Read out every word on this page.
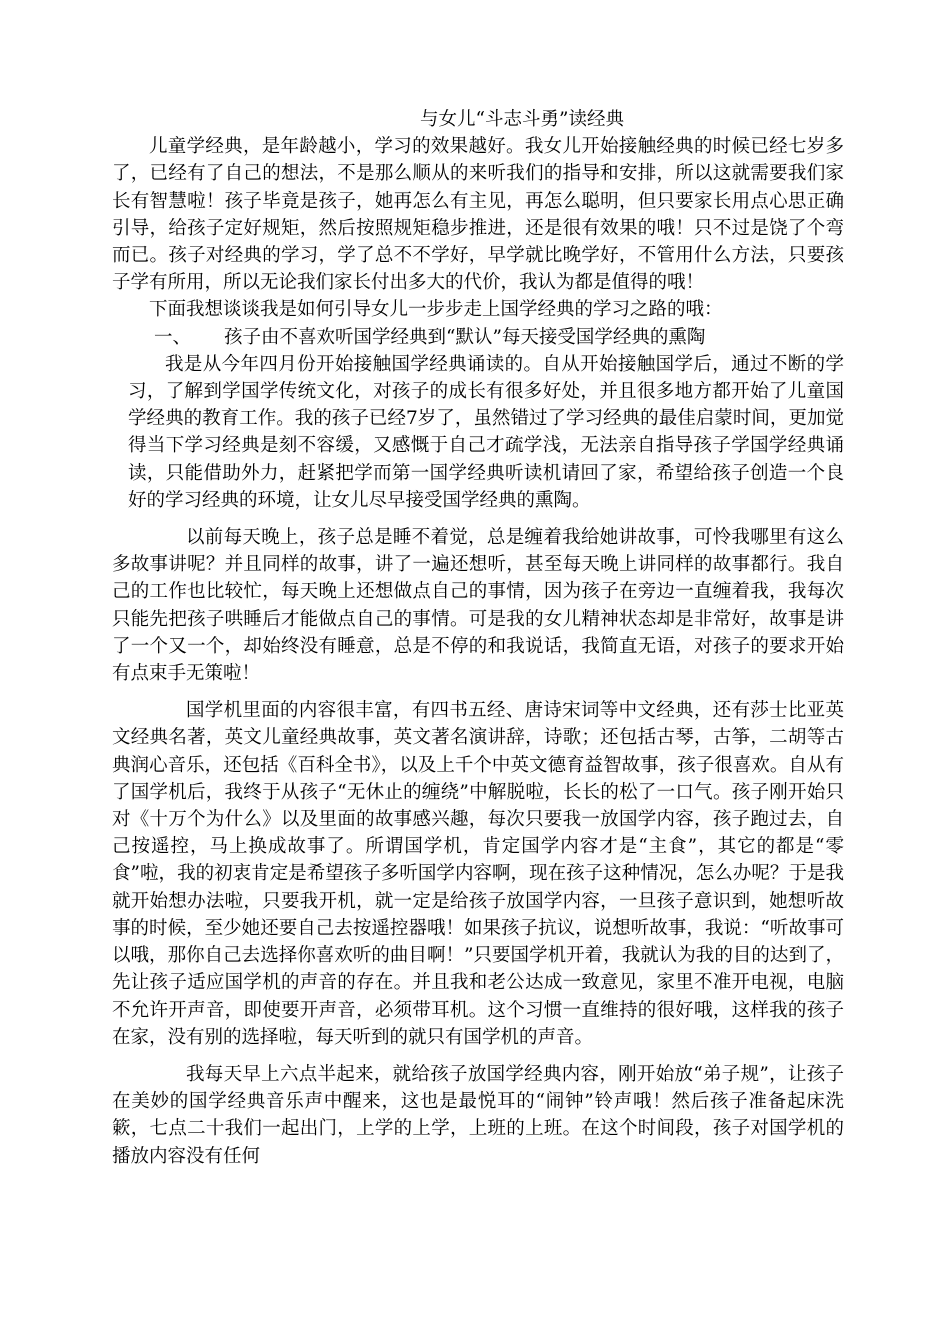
与女儿“斗志斗勇”读经典

儿童学经典，是年龄越小，学习的效果越好。我女儿开始接触经典的时候已经七岁多了，已经有了自己的想法，不是那么顺从的来听我们的指导和安排，所以这就需要我们家长有智慧啦！孩子毕竟是孩子，她再怎么有主见，再怎么聪明，但只要家长用点心思正确引导，给孩子定好规矩，然后按照规矩稳步推进，还是很有效果的哦！只不过是饶了个弯而已。孩子对经典的学习，学了总不不学好，早学就比晚学好，不管用什么方法，只要孩子学有所用，所以无论我们家长付出多大的代价，我认为都是值得的哦！

下面我想谈谈我是如何引导女儿一步步走上国学经典的学习之路的哦：

一、 孩子由不喜欢听国学经典到“默认”每天接受国学经典的熏陶

我是从今年四月份开始接触国学经典诵读的。自从开始接触国学后，通过不断的学习，了解到学国学传统文化，对孩子的成长有很多好处，并且很多地方都开始了儿童国学经典的教育工作。我的孩子已经7岁了，虽然错过了学习经典的最佳启蒙时间，更加觉得当下学习经典是刻不容缓，又感慨于自己才疏学浅，无法亲自指导孩子学国学经典诵读，只能借助外力，赶紧把学而第一国学经典听读机请回了家，希望给孩子创造一个良好的学习经典的环境，让女儿尽早接受国学经典的熏陶。

以前每天晚上，孩子总是睡不着觉，总是缠着我给她讲故事，可怜我哪里有这么多故事讲呢？并且同样的故事，讲了一遍还想听，甚至每天晚上讲同样的故事都行。我自己的工作也比较忙，每天晚上还想做点自己的事情，因为孩子在旁边一直缠着我，我每次只能先把孩子哄睡后才能做点自己的事情。可是我的女儿精神状态却是非常好，故事是讲了一个又一个，却始终没有睡意，总是不停的和我说话，我简直无语，对孩子的要求开始有点束手无策啦！

国学机里面的内容很丰富，有四书五经、唐诗宋词等中文经典，还有莎士比亚英文经典名著，英文儿童经典故事，英文著名演讲辞，诗歌；还包括古琴，古筝，二胡等古典润心音乐，还包括《百科全书》，以及上千个中英文德育益智故事，孩子很喜欢。自从有了国学机后，我终于从孩子“无休止的缠绕”中解脱啦，长长的松了一口气。孩子刚开始只对《十万个为什么》以及里面的故事感兴趣，每次只要我一放国学内容，孩子跑过去，自己按遥控，马上换成故事了。所谓国学机，肯定国学内容才是“主食”，其它的都是“零食”啦，我的初衷肯定是希望孩子多听国学内容啊，现在孩子这种情况，怎么办呢？于是我就开始想办法啦，只要我开机，就一定是给孩子放国学内容，一旦孩子意识到，她想听故事的时候，至少她还要自己去按遥控器哦！如果孩子抗议，说想听故事，我说：“听故事可以哦，那你自己去选择你喜欢听的曲目啊！”只要国学机开着，我就认为我的目的达到了，先让孩子适应国学机的声音的存在。并且我和老公达成一致意见，家里不准开电视，电脑不允许开声音，即使要开声音，必须带耳机。这个习惯一直维持的很好哦，这样我的孩子在家，没有别的选择啦，每天听到的就只有国学机的声音。

我每天早上六点半起来，就给孩子放国学经典内容，刚开始放“弟子规”，让孩子在美妙的国学经典音乐声中醒来，这也是最悦耳的“闹钟”铃声哦！然后孩子准备起床洗簌，七点二十我们一起出门，上学的上学，上班的上班。在这个时间段，孩子对国学机的播放内容没有任何
